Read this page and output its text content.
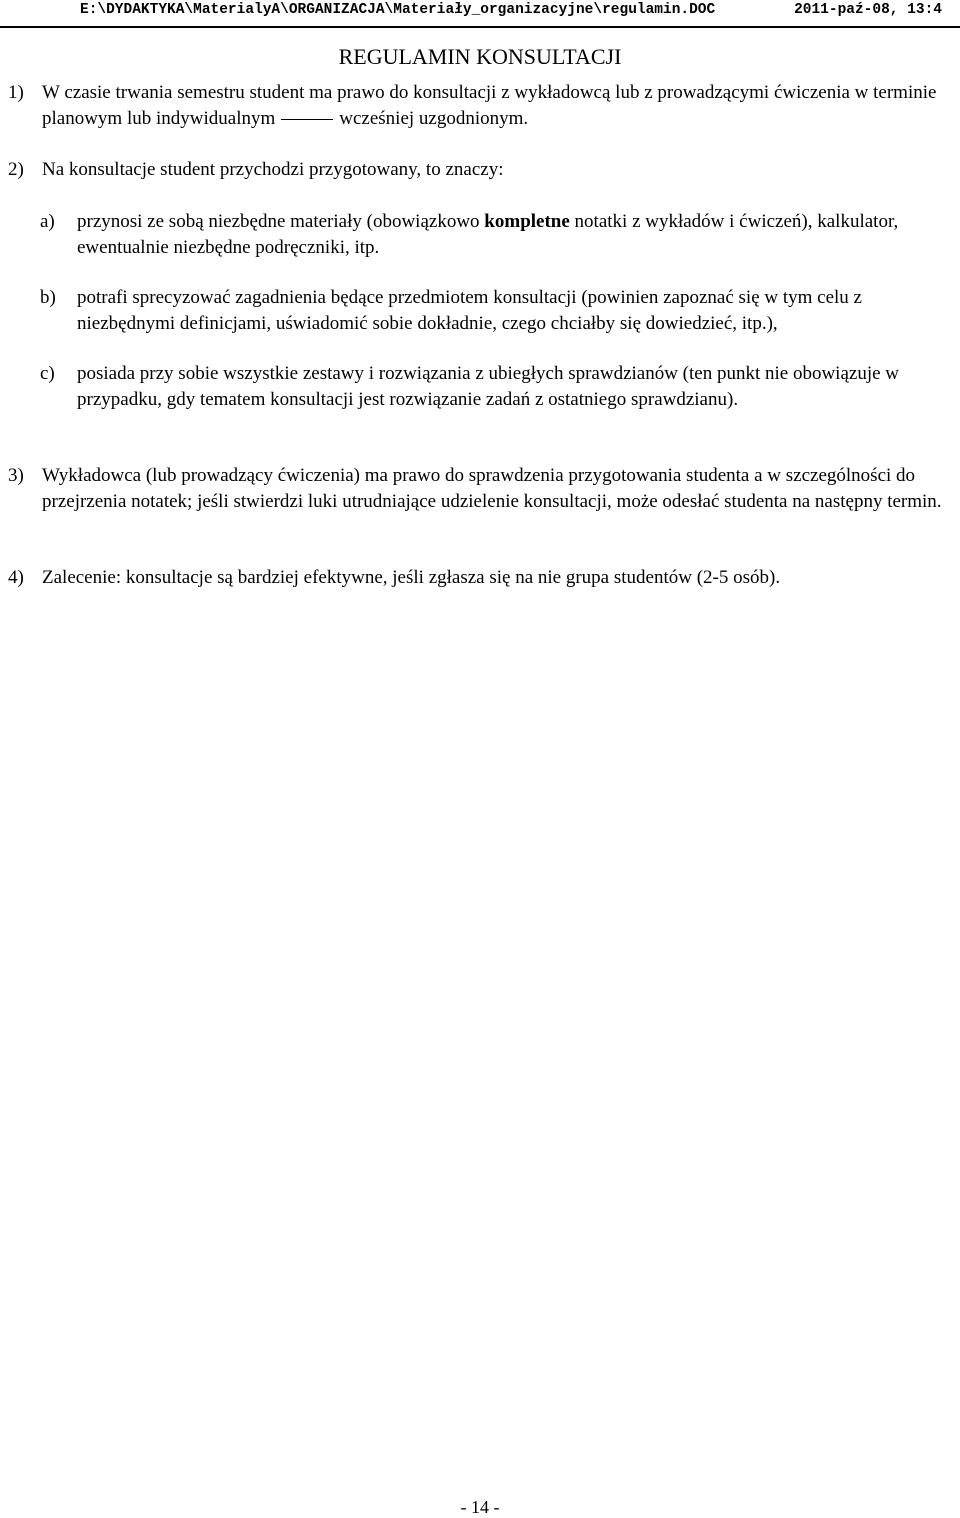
E:\DYDAKTYKA\MaterialyA\ORGANIZACJA\Materiały_organizacyjne\regulamin.DOC	2011-paź-08, 13:4
REGULAMIN KONSULTACJI
1) W czasie trwania semestru student ma prawo do konsultacji z wykładowcą lub z prowadzącymi ćwiczenia w terminie planowym lub indywidualnym	wcześniej uzgodnionym.
2) Na konsultacje student przychodzi przygotowany, to znaczy:
a) przynosi ze sobą niezbędne materiały (obowiązkowo kompletne notatki z wykładów i ćwiczeń), kalkulator, ewentualnie niezbędne podręczniki, itp.
b) potrafi sprecyzować zagadnienia będące przedmiotem konsultacji (powinien zapoznać się w tym celu z niezbędnymi definicjami, uświadomić sobie dokładnie, czego chciałby się dowiedzieć, itp.),
c) posiada przy sobie wszystkie zestawy i rozwiązania z ubiegłych sprawdzianów (ten punkt nie obowiązuje w przypadku, gdy tematem konsultacji jest rozwiązanie zadań z ostatniego sprawdzianu).
3) Wykładowca (lub prowadzący ćwiczenia) ma prawo do sprawdzenia przygotowania studenta a w szczególności do przejrzenia notatek; jeśli stwierdzi luki utrudniające udzielenie konsultacji, może odesłać studenta na następny termin.
4) Zalecenie: konsultacje są bardziej efektywne, jeśli zgłasza się na nie grupa studentów (2-5 osób).
- 14 -
